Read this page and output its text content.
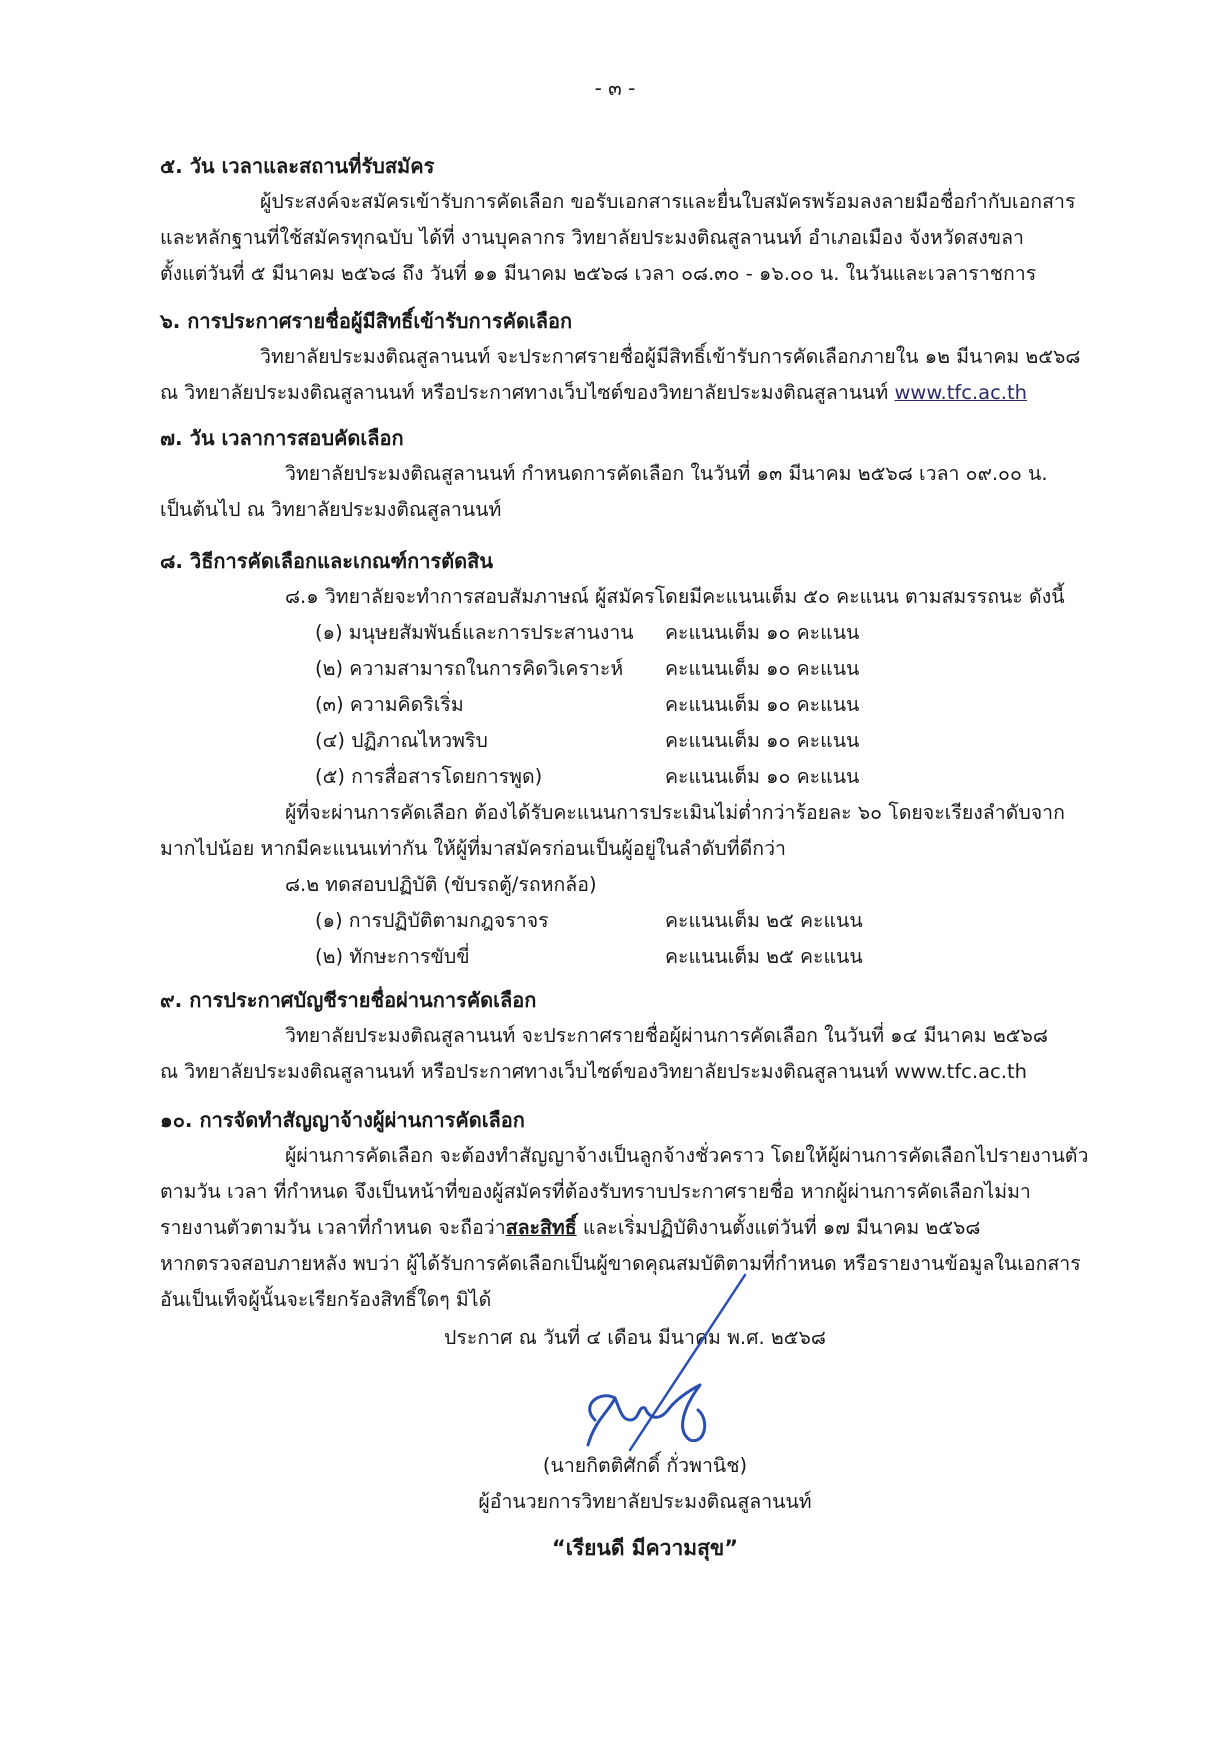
- ๓ -
๕. วัน เวลาและสถานที่รับสมัคร
ผู้ประสงค์จะสมัครเข้ารับการคัดเลือก ขอรับเอกสารและยื่นใบสมัครพร้อมลงลายมือชื่อกำกับเอกสาร
และหลักฐานที่ใช้สมัครทุกฉบับ ได้ที่ งานบุคลากร วิทยาลัยประมงติณสูลานนท์ อำเภอเมือง จังหวัดสงขลา
ตั้งแต่วันที่ ๕ มีนาคม ๒๕๖๘ ถึง วันที่ ๑๑ มีนาคม ๒๕๖๘ เวลา ๐๘.๓๐ - ๑๖.๐๐ น. ในวันและเวลาราชการ
๖. การประกาศรายชื่อผู้มีสิทธิ์เข้ารับการคัดเลือก
วิทยาลัยประมงติณสูลานนท์ จะประกาศรายชื่อผู้มีสิทธิ์เข้ารับการคัดเลือกภายใน ๑๒ มีนาคม ๒๕๖๘
ณ วิทยาลัยประมงติณสูลานนท์ หรือประกาศทางเว็บไซต์ของวิทยาลัยประมงติณสูลานนท์ www.tfc.ac.th
๗. วัน เวลาการสอบคัดเลือก
วิทยาลัยประมงติณสูลานนท์ กำหนดการคัดเลือก ในวันที่ ๑๓ มีนาคม ๒๕๖๘ เวลา ๐๙.๐๐ น.
เป็นต้นไป ณ วิทยาลัยประมงติณสูลานนท์
๘. วิธีการคัดเลือกและเกณฑ์การตัดสิน
๘.๑ วิทยาลัยจะทำการสอบสัมภาษณ์ ผู้สมัครโดยมีคะแนนเต็ม ๕๐ คะแนน ตามสมรรถนะ ดังนี้
(๑) มนุษยสัมพันธ์และการประสานงาน	คะแนนเต็ม ๑๐ คะแนน
(๒) ความสามารถในการคิดวิเคราะห์	คะแนนเต็ม ๑๐ คะแนน
(๓) ความคิดริเริ่ม	คะแนนเต็ม ๑๐ คะแนน
(๔) ปฏิภาณไหวพริบ	คะแนนเต็ม ๑๐ คะแนน
(๕) การสื่อสารโดยการพูด)	คะแนนเต็ม ๑๐ คะแนน
ผู้ที่จะผ่านการคัดเลือก ต้องได้รับคะแนนการประเมินไม่ต่ำกว่าร้อยละ ๖๐ โดยจะเรียงลำดับจาก
มากไปน้อย หากมีคะแนนเท่ากัน ให้ผู้ที่มาสมัครก่อนเป็นผู้อยู่ในลำดับที่ดีกว่า
๘.๒ ทดสอบปฏิบัติ (ขับรถตู้/รถหกล้อ)
(๑) การปฏิบัติตามกฎจราจร	คะแนนเต็ม ๒๕ คะแนน
(๒) ทักษะการขับขี่	คะแนนเต็ม ๒๕ คะแนน
๙. การประกาศบัญชีรายชื่อผ่านการคัดเลือก
วิทยาลัยประมงติณสูลานนท์ จะประกาศรายชื่อผู้ผ่านการคัดเลือก ในวันที่ ๑๔ มีนาคม ๒๕๖๘
ณ วิทยาลัยประมงติณสูลานนท์ หรือประกาศทางเว็บไซต์ของวิทยาลัยประมงติณสูลานนท์ www.tfc.ac.th
๑๐. การจัดทำสัญญาจ้างผู้ผ่านการคัดเลือก
ผู้ผ่านการคัดเลือก จะต้องทำสัญญาจ้างเป็นลูกจ้างชั่วคราว โดยให้ผู้ผ่านการคัดเลือกไปรายงานตัว
ตามวัน เวลา ที่กำหนด จึงเป็นหน้าที่ของผู้สมัครที่ต้องรับทราบประกาศรายชื่อ หากผู้ผ่านการคัดเลือกไม่มา
รายงานตัวตามวัน เวลาที่กำหนด จะถือว่าสละสิทธิ์ และเริ่มปฏิบัติงานตั้งแต่วันที่ ๑๗ มีนาคม ๒๕๖๘
หากตรวจสอบภายหลัง พบว่า ผู้ได้รับการคัดเลือกเป็นผู้ขาดคุณสมบัติตามที่กำหนด หรือรายงานข้อมูลในเอกสาร
อันเป็นเท็จผู้นั้นจะเรียกร้องสิทธิ์ใดๆ มิได้
ประกาศ ณ วันที่ ๔ เดือน มีนาคม พ.ศ. ๒๕๖๘
(นายกิตติศักดิ์ กั่วพานิช)
ผู้อำนวยการวิทยาลัยประมงติณสูลานนท์
“เรียนดี มีความสุข”
